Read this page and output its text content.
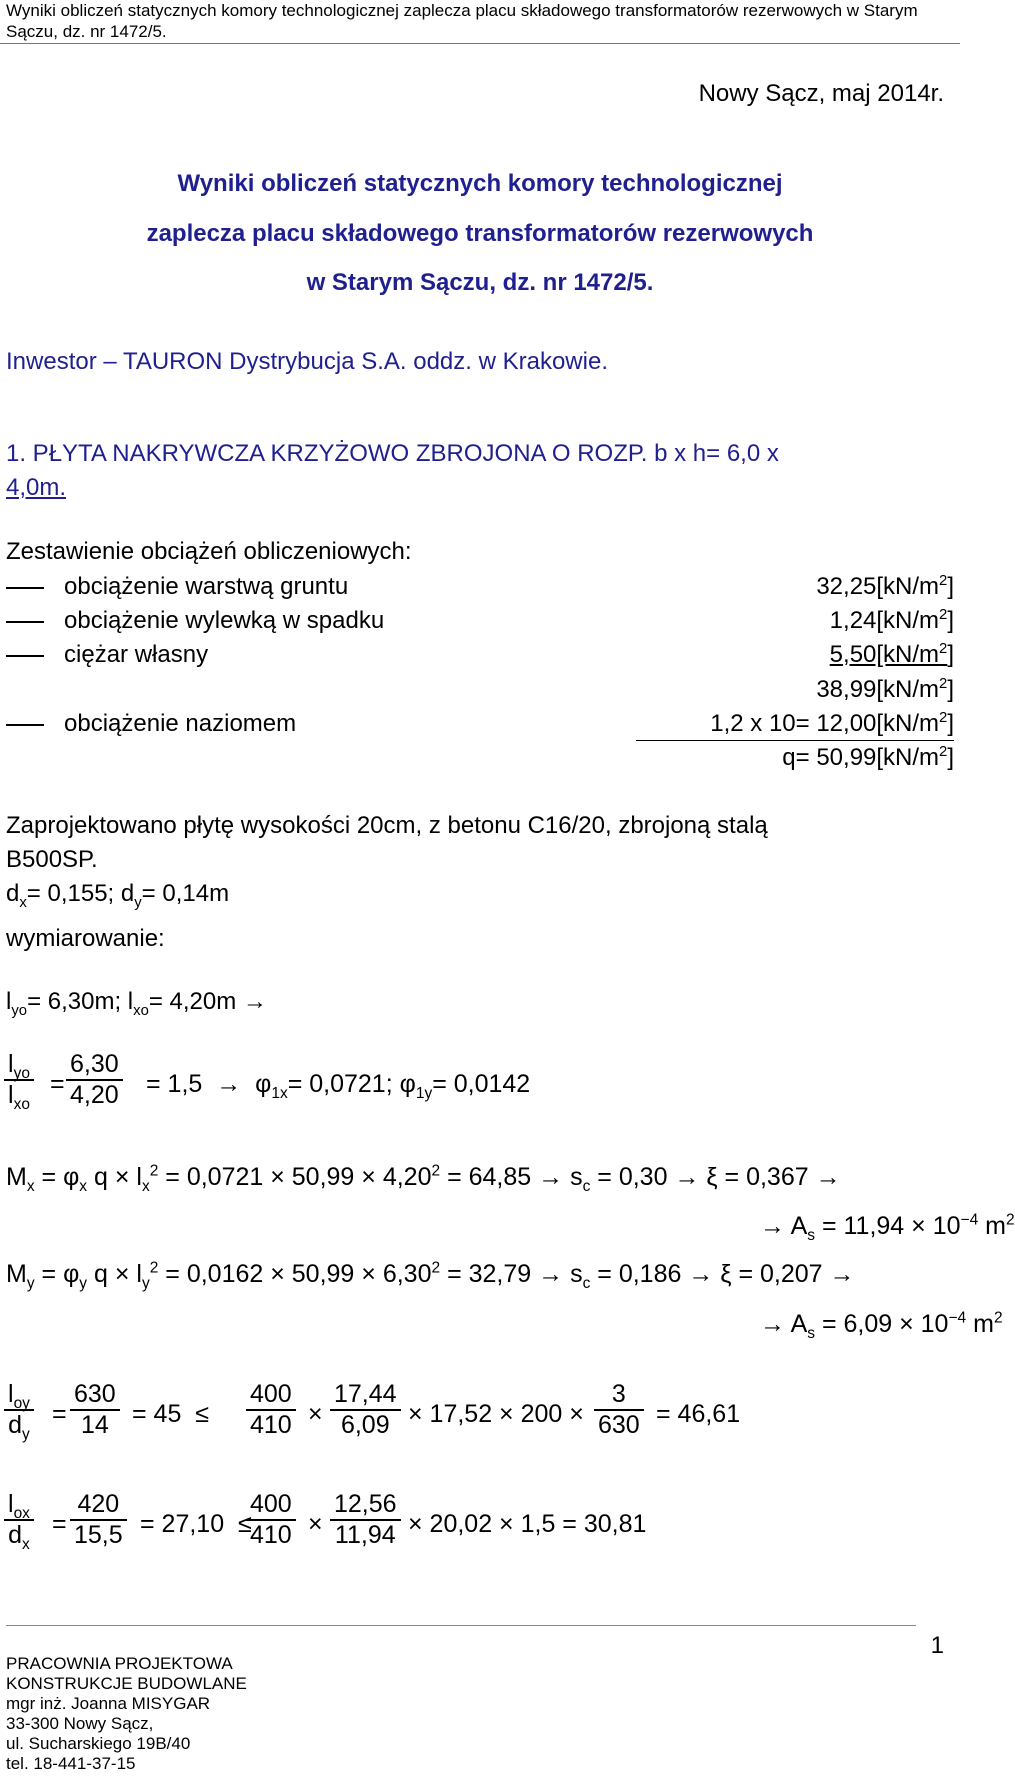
Wyniki obliczeń statycznych komory technologicznej zaplecza placu składowego transformatorów rezerwowych w Starym Sączu, dz. nr 1472/5.
Nowy Sącz, maj 2014r.
Wyniki obliczeń statycznych komory technologicznej
zaplecza placu składowego transformatorów rezerwowych
w Starym Sączu, dz. nr 1472/5.
Inwestor – TAURON Dystrybucja S.A. oddz. w Krakowie.
1. PŁYTA NAKRYWCZA KRZYŻOWO ZBROJONA O ROZP. b x h= 6,0 x
4,0m.
Zestawienie obciążeń obliczeniowych:
obciążenie warstwą gruntu	$32,25[kN/m^2]$
obciążenie wylewką w spadku	$1,24[kN/m^2]$
ciężar własny	$5,50[kN/m^2]$
$38,99[kN/m^2]$
obciążenie naziomem	1,2 x $10= 12,00[kN/m^2]$
$q= 50,99[kN/m^2]$
Zaprojektowano płytę wysokości 20cm, z betonu C16/20, zbrojoną stalą
B500SP.
$d_x= 0,155$; $d_y= 0,14m$
wymiarowanie:
$l_{yo}= 6,30m$; $l_{xo}= 4,20m$ →
$l_{yo}$
$l_{xo}$
= $\frac{6,30}{4,20} = 1,5 \to \varphi_{1x}= 0,0721$; $\varphi_{1y}= 0,0142$
$M_x = \varphi_x$ $q \times l_x^2 = 0,0721 \times 50,99 \times 4,20^2 = 64,85 \to s_c = 0,30 \to \xi = 0,367$ →
→ $A_s = 11,94 \times 10^{-4}$ $m^2$
$M_y = \varphi_y$ $q \times l_y^2 = 0,0162 \times 50,99 \times 6,30^2 = 32,79 \to s_c = 0,186 \to \xi = 0,207$ →
→ $A_s = 6,09 \times 10^{-4}$ $m^2$
$l_{oy}$
$d_y$
= $\frac{630}{14} = 45 \le \frac{400}{410} \times \frac{17,44}{6,09} \times 17,52 \times 200 \times \frac{3}{630} = 46,61$
$l_{ox}$
$d_x$
= $\frac{420}{15,5} = 27,10$ ≤
$\frac{400}{410} \times \frac{12,56}{11,94} \times 20,02 \times 1,5 = 30,81$
1
PRACOWNIA PROJEKTOWA
KONSTRUKCJE BUDOWLANE
mgr inż. Joanna MISYGAR
33-300 Nowy Sącz,
ul. Sucharskiego 19B/40
tel. 18-441-37-15
